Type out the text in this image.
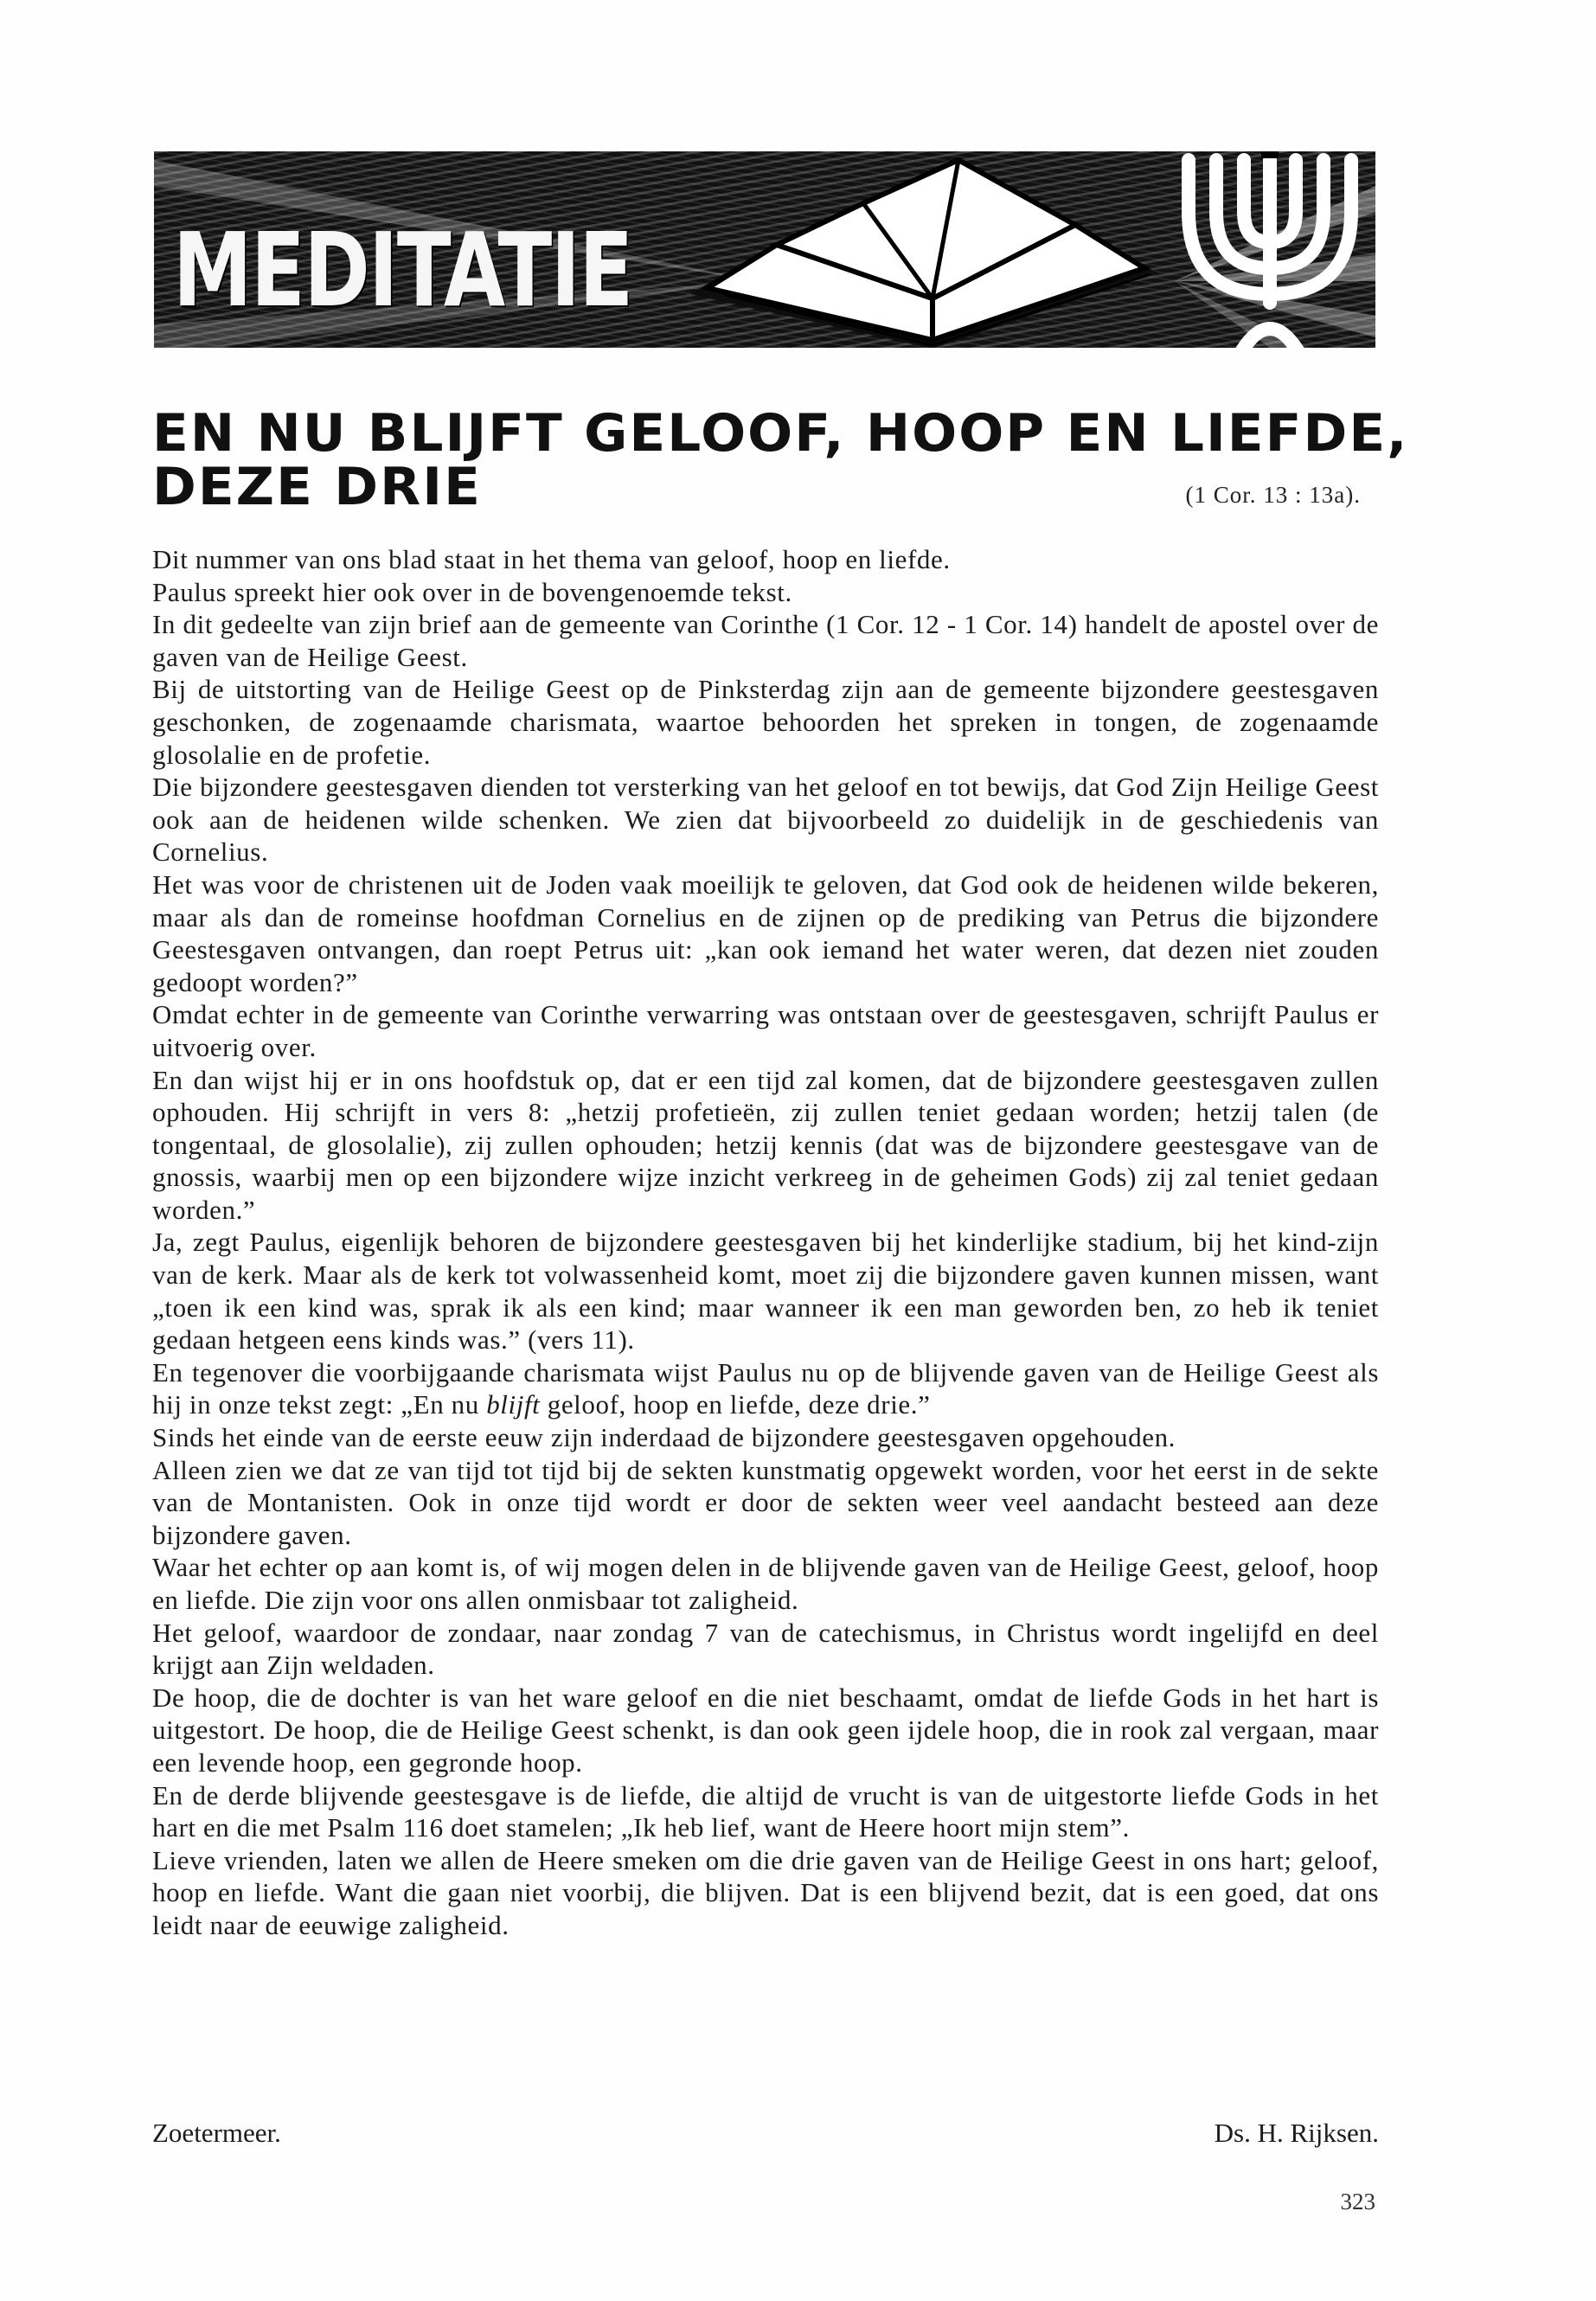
MEDITATIE
EN NU BLIJFT GELOOF, HOOP EN LIEFDE,
DEZE DRIE	(1 Cor. 13 : 13a).

Dit nummer van ons blad staat in het thema van geloof, hoop en liefde.

Paulus spreekt hier ook over in de bovengenoemde tekst.

In dit gedeelte van zijn brief aan de gemeente van Corinthe (1 Cor. 12 - 1 Cor. 14) handelt de apostel over de gaven van de Heilige Geest.

Bij de uitstorting van de Heilige Geest op de Pinksterdag zijn aan de gemeente bijzondere geestesgaven geschonken, de zogenaamde charismata, waartoe behoorden het spreken in tongen, de zogenaamde glosolalie en de profetie.

Die bijzondere geestesgaven dienden tot versterking van het geloof en tot bewijs, dat God Zijn Heilige Geest ook aan de heidenen wilde schenken. We zien dat bijvoorbeeld zo duidelijk in de geschiedenis van Cornelius.

Het was voor de christenen uit de Joden vaak moeilijk te geloven, dat God ook de heidenen wilde bekeren, maar als dan de romeinse hoofdman Cornelius en de zijnen op de prediking van Petrus die bijzondere Geestesgaven ontvangen, dan roept Petrus uit: „kan ook iemand het water weren, dat dezen niet zouden gedoopt worden?”

Omdat echter in de gemeente van Corinthe verwarring was ontstaan over de geestesgaven, schrijft Paulus er uitvoerig over.

En dan wijst hij er in ons hoofdstuk op, dat er een tijd zal komen, dat de bijzondere geestesgaven zullen ophouden. Hij schrijft in vers 8: „hetzij profetieën, zij zullen teniet gedaan worden; hetzij talen (de tongentaal, de glosolalie), zij zullen ophouden; hetzij kennis (dat was de bijzondere geestesgave van de gnossis, waarbij men op een bijzondere wijze inzicht verkreeg in de geheimen Gods) zij zal teniet gedaan worden.”

Ja, zegt Paulus, eigenlijk behoren de bijzondere geestesgaven bij het kinderlijke stadium, bij het kind-zijn van de kerk. Maar als de kerk tot volwassenheid komt, moet zij die bijzondere gaven kunnen missen, want „toen ik een kind was, sprak ik als een kind; maar wanneer ik een man geworden ben, zo heb ik teniet gedaan hetgeen eens kinds was.” (vers 11).

En tegenover die voorbijgaande charismata wijst Paulus nu op de blijvende gaven van de Heilige Geest als hij in onze tekst zegt: „En nu blijft geloof, hoop en liefde, deze drie.”

Sinds het einde van de eerste eeuw zijn inderdaad de bijzondere geestesgaven opgehouden.

Alleen zien we dat ze van tijd tot tijd bij de sekten kunstmatig opgewekt worden, voor het eerst in de sekte van de Montanisten. Ook in onze tijd wordt er door de sekten weer veel aandacht besteed aan deze bijzondere gaven.

Waar het echter op aan komt is, of wij mogen delen in de blijvende gaven van de Heilige Geest, geloof, hoop en liefde. Die zijn voor ons allen onmisbaar tot zaligheid.

Het geloof, waardoor de zondaar, naar zondag 7 van de catechismus, in Christus wordt ingelijfd en deel krijgt aan Zijn weldaden.

De hoop, die de dochter is van het ware geloof en die niet beschaamt, omdat de liefde Gods in het hart is uitgestort. De hoop, die de Heilige Geest schenkt, is dan ook geen ijdele hoop, die in rook zal vergaan, maar een levende hoop, een gegronde hoop.

En de derde blijvende geestesgave is de liefde, die altijd de vrucht is van de uitgestorte liefde Gods in het hart en die met Psalm 116 doet stamelen; „Ik heb lief, want de Heere hoort mijn stem”.

Lieve vrienden, laten we allen de Heere smeken om die drie gaven van de Heilige Geest in ons hart; geloof, hoop en liefde. Want die gaan niet voorbij, die blijven. Dat is een blijvend bezit, dat is een goed, dat ons leidt naar de eeuwige zaligheid.

Zoetermeer.	Ds. H. Rijksen.
323
